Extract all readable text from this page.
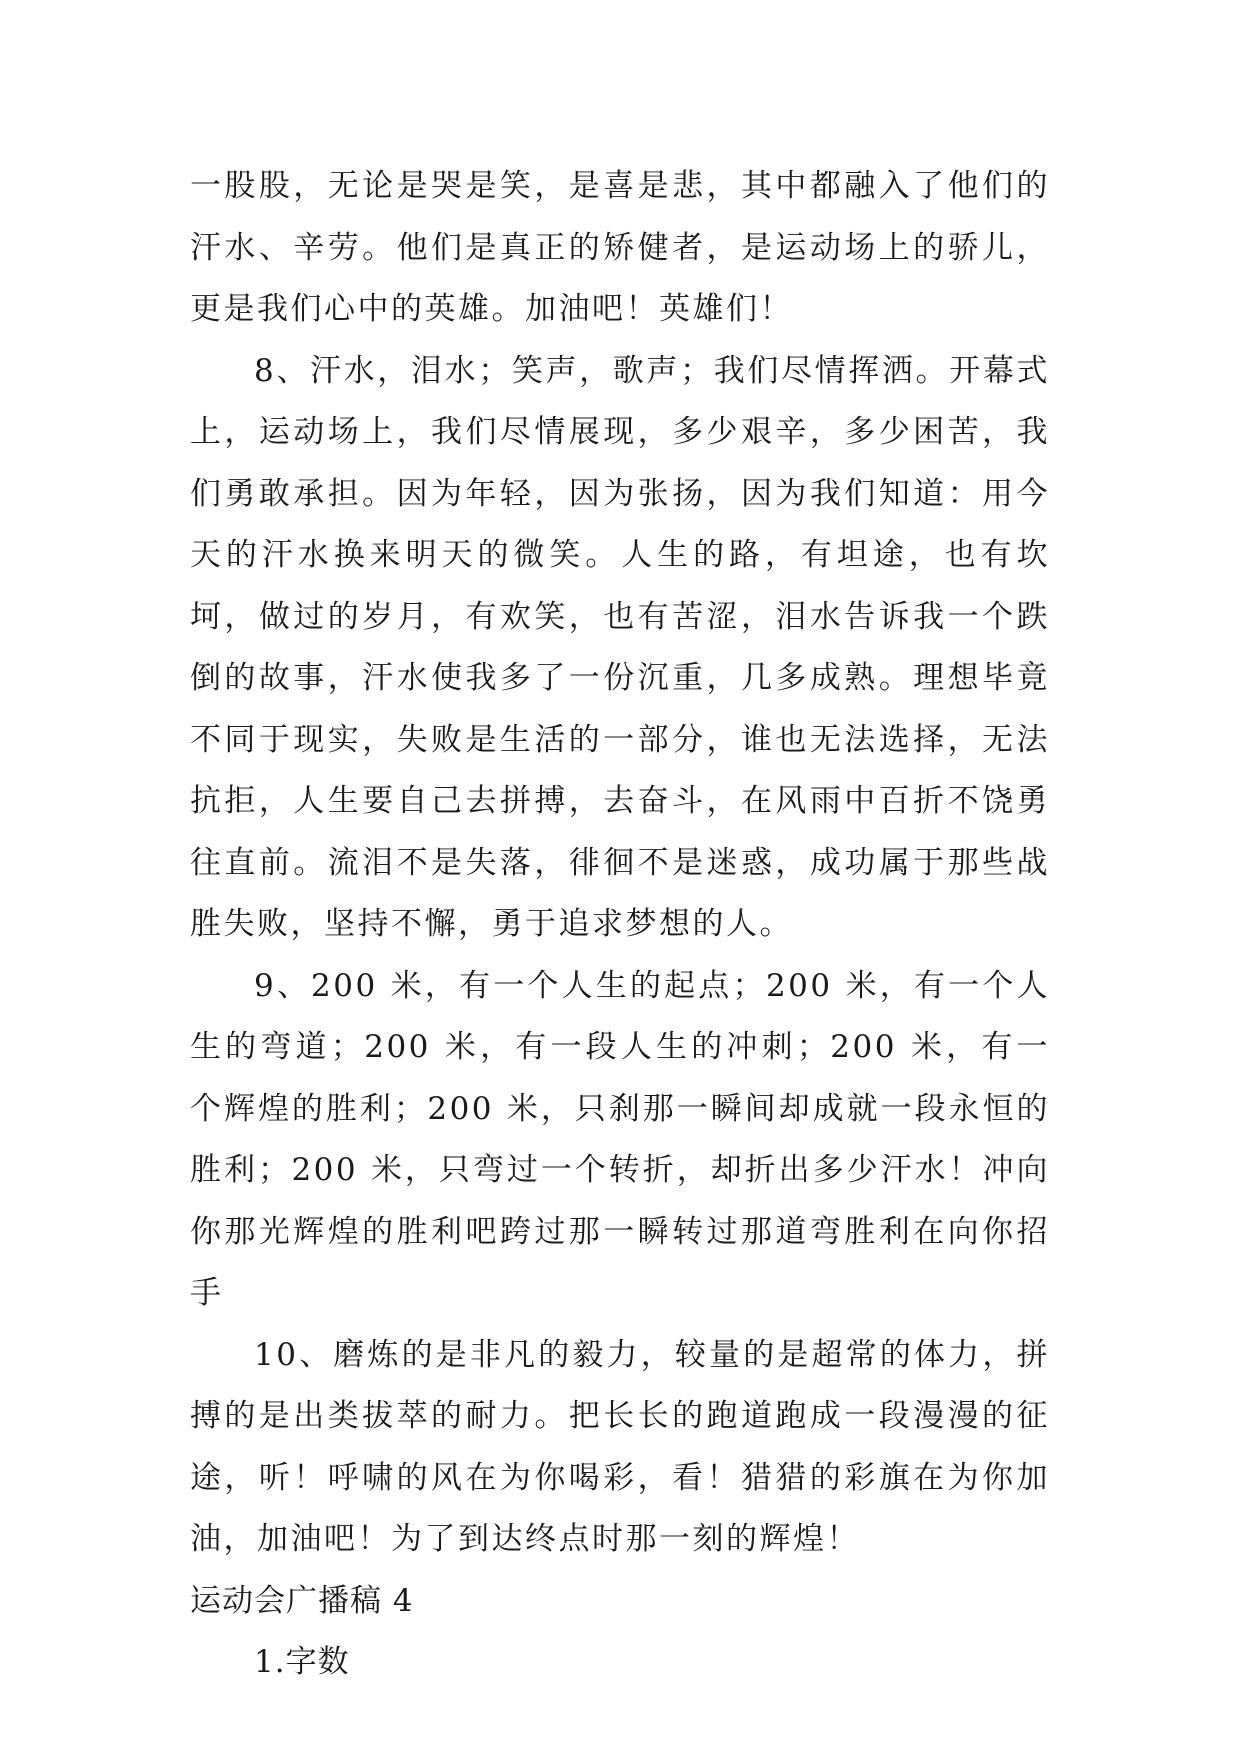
一股股，无论是哭是笑，是喜是悲，其中都融入了他们的汗水、辛劳。他们是真正的矫健者，是运动场上的骄儿，更是我们心中的英雄。加油吧！英雄们！

8、汗水，泪水；笑声，歌声；我们尽情挥洒。开幕式上，运动场上，我们尽情展现，多少艰辛，多少困苦，我们勇敢承担。因为年轻，因为张扬，因为我们知道：用今天的汗水换来明天的微笑。人生的路，有坦途，也有坎坷，做过的岁月，有欢笑，也有苦涩，泪水告诉我一个跌倒的故事，汗水使我多了一份沉重，几多成熟。理想毕竟不同于现实，失败是生活的一部分，谁也无法选择，无法抗拒，人生要自己去拼搏，去奋斗，在风雨中百折不饶勇往直前。流泪不是失落，徘徊不是迷惑，成功属于那些战胜失败，坚持不懈，勇于追求梦想的人。

9、200 米，有一个人生的起点；200 米，有一个人生的弯道；200 米，有一段人生的冲刺；200 米，有一个辉煌的胜利；200 米，只刹那一瞬间却成就一段永恒的胜利；200 米，只弯过一个转折，却折出多少汗水！冲向你那光辉煌的胜利吧跨过那一瞬转过那道弯胜利在向你招手

10、磨炼的是非凡的毅力，较量的是超常的体力，拼搏的是出类拔萃的耐力。把长长的跑道跑成一段漫漫的征途，听！呼啸的风在为你喝彩，看！猎猎的彩旗在为你加油，加油吧！为了到达终点时那一刻的辉煌！

运动会广播稿 4

1.字数
